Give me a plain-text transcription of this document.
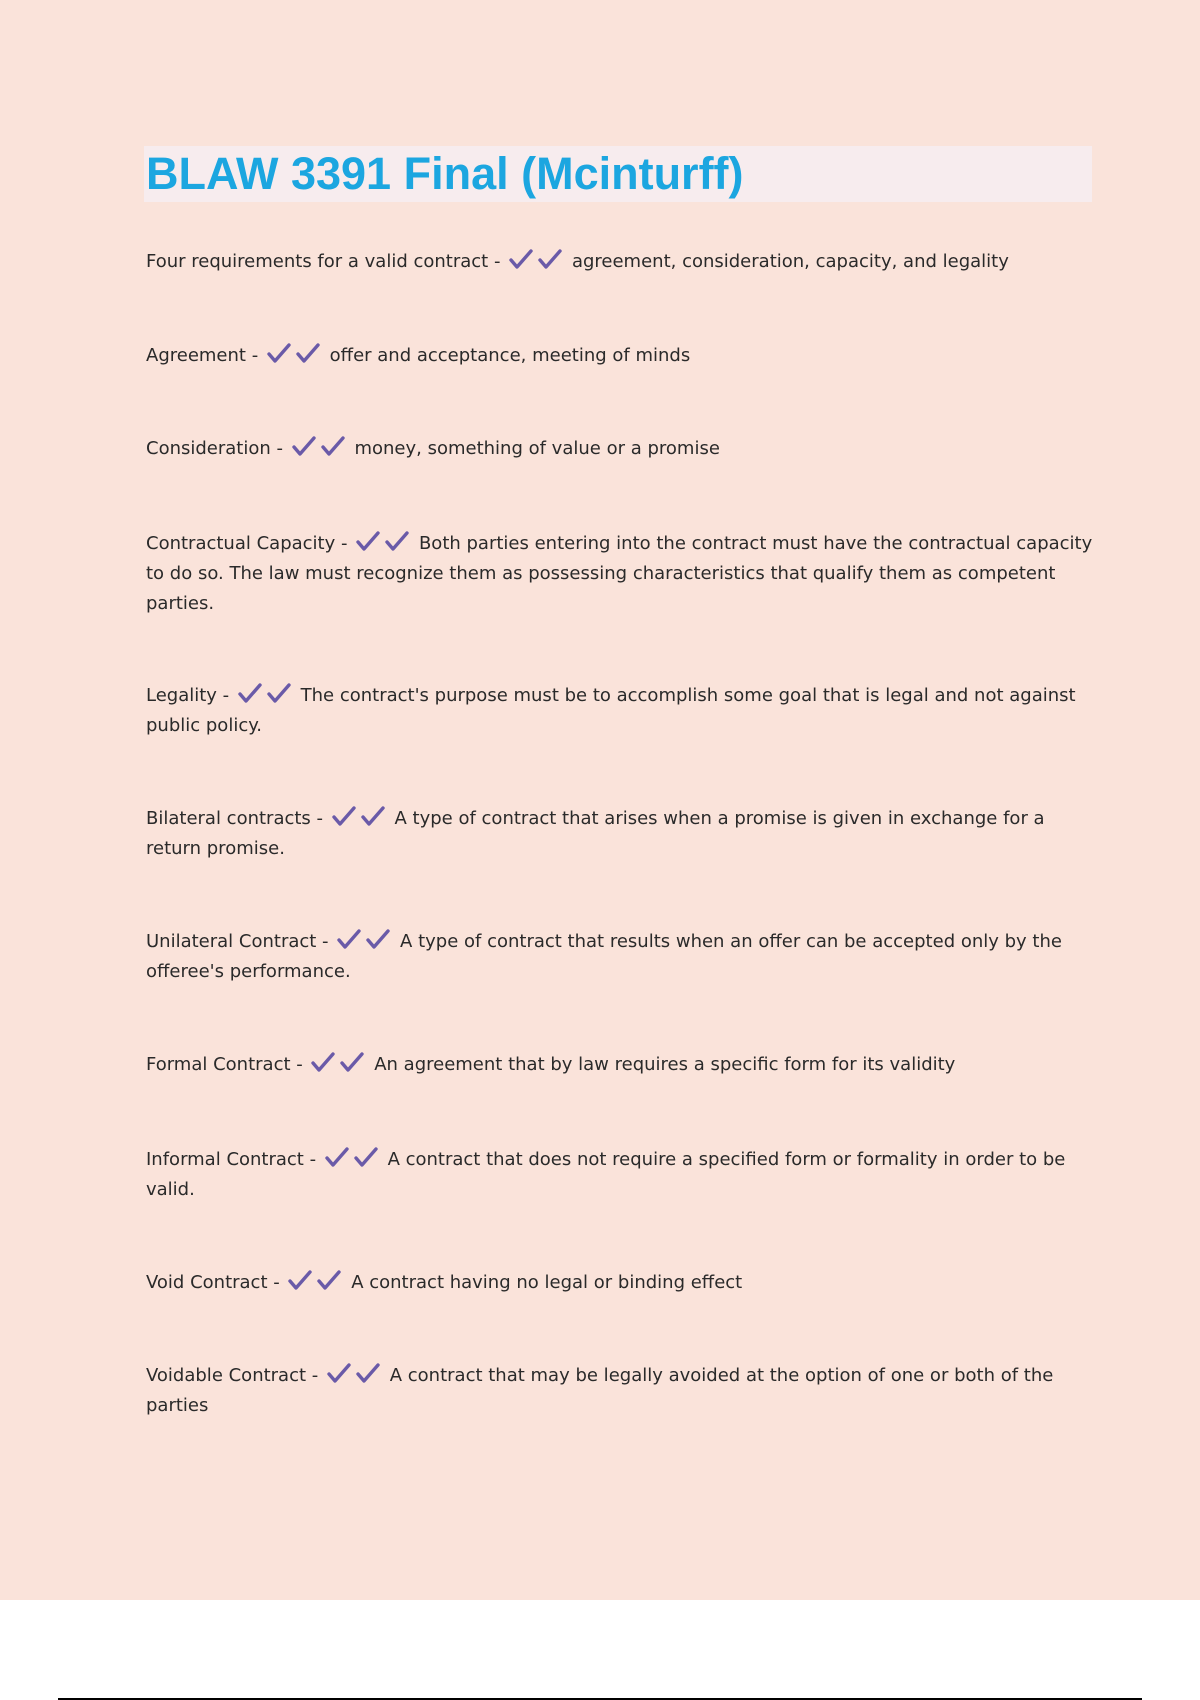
BLAW 3391 Final (Mcinturff)

Four requirements for a valid contract -	agreement, consideration, capacity, and legality

Agreement -	offer and acceptance, meeting of minds

Consideration -	money, something of value or a promise

Contractual Capacity -	Both parties entering into the contract must have the contractual capacity to do so. The law must recognize them as possessing characteristics that qualify them as competent parties.

Legality -	The contract's purpose must be to accomplish some goal that is legal and not against public policy.

Bilateral contracts -	A type of contract that arises when a promise is given in exchange for a return promise.

Unilateral Contract -	A type of contract that results when an offer can be accepted only by the offeree's performance.

Formal Contract -	An agreement that by law requires a specific form for its validity

Informal Contract -	A contract that does not require a specified form or formality in order to be valid.

Void Contract -	A contract having no legal or binding effect

Voidable Contract -	A contract that may be legally avoided at the option of one or both of the parties
